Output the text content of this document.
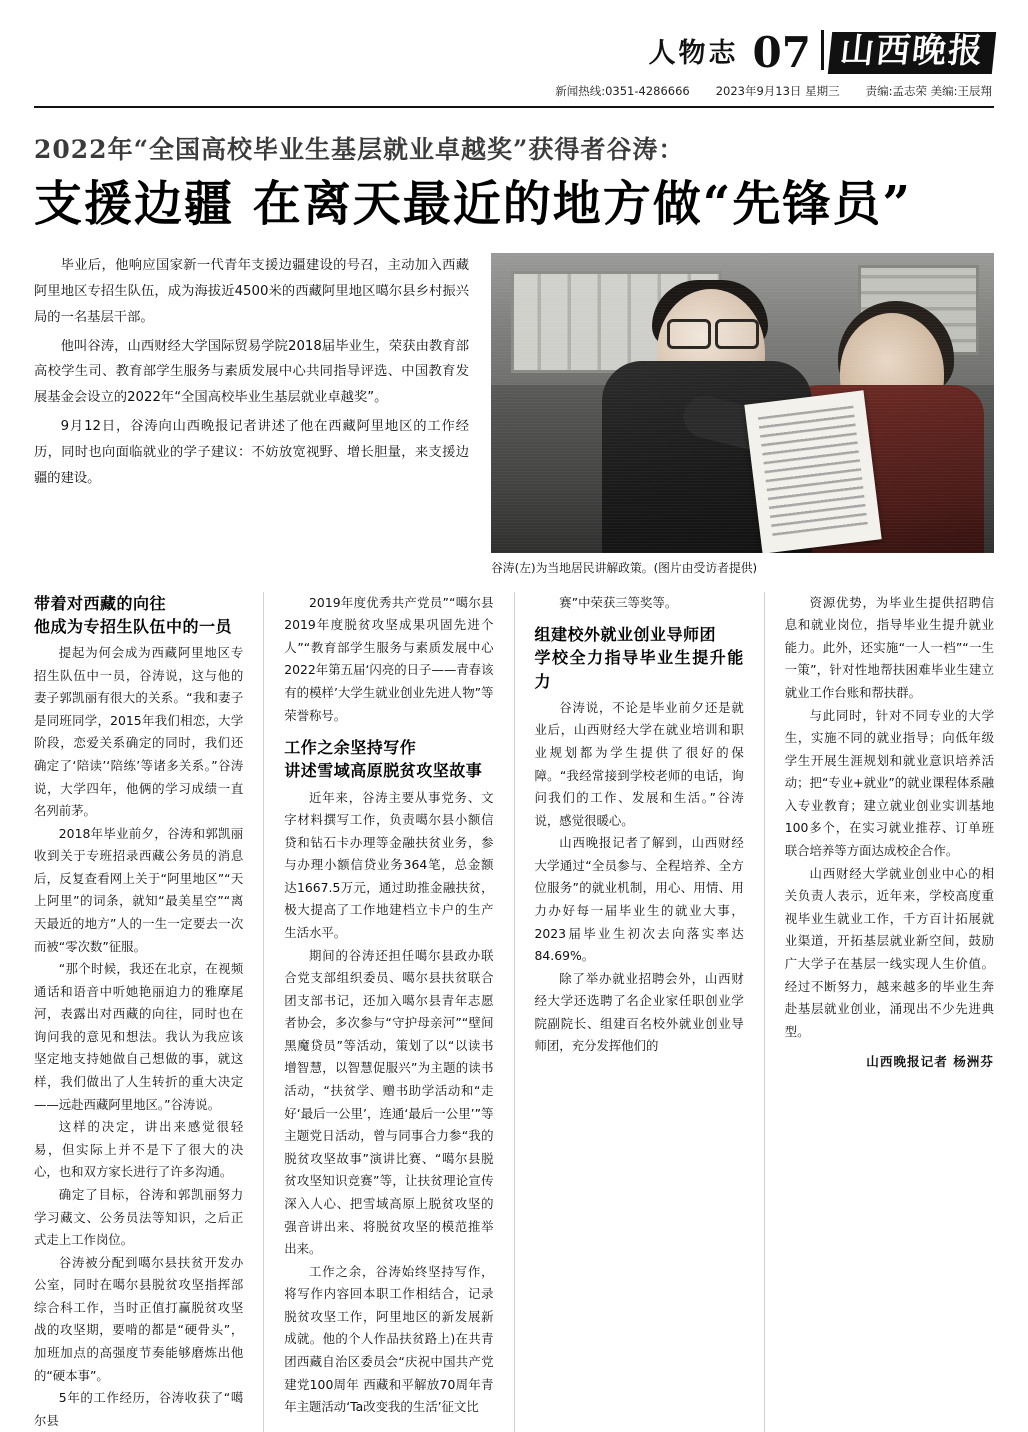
人物志 07 山西晚报
新闻热线:0351-4286666 2023年9月13日 星期三 责编:孟志荣 美编:王辰翔
2022年“全国高校毕业生基层就业卓越奖”获得者谷涛：
支援边疆 在离天最近的地方做“先锋员”

毕业后，他响应国家新一代青年支援边疆建设的号召，主动加入西藏阿里地区专招生队伍，成为海拔近4500米的西藏阿里地区噶尔县乡村振兴局的一名基层干部。

他叫谷涛，山西财经大学国际贸易学院2018届毕业生，荣获由教育部高校学生司、教育部学生服务与素质发展中心共同指导评选、中国教育发展基金会设立的2022年“全国高校毕业生基层就业卓越奖”。

9月12日，谷涛向山西晚报记者讲述了他在西藏阿里地区的工作经历，同时也向面临就业的学子建议：不妨放宽视野、增长胆量，来支援边疆的建设。

谷涛(左)为当地居民讲解政策。(图片由受访者提供)
带着对西藏的向往
他成为专招生队伍中的一员

提起为何会成为西藏阿里地区专招生队伍中一员，谷涛说，这与他的妻子郭凯丽有很大的关系。“我和妻子是同班同学，2015年我们相恋，大学阶段，恋爱关系确定的同时，我们还确定了‘陪读’‘陪练’等诸多关系。”谷涛说，大学四年，他俩的学习成绩一直名列前茅。

2018年毕业前夕，谷涛和郭凯丽收到关于专班招录西藏公务员的消息后，反复查看网上关于“阿里地区”“天上阿里”的词条，就知“最美星空”“离天最近的地方”人的一生一定要去一次而被“零次数”征服。

“那个时候，我还在北京，在视频通话和语音中听她艳丽迫力的雅摩尾河，表露出对西藏的向往，同时也在询问我的意见和想法。我认为我应该坚定地支持她做自己想做的事，就这样，我们做出了人生转折的重大决定——远赴西藏阿里地区。”谷涛说。

这样的决定，讲出来感觉很轻易，但实际上并不是下了很大的决心，也和双方家长进行了许多沟通。

确定了目标，谷涛和郭凯丽努力学习藏文、公务员法等知识，之后正式走上工作岗位。

谷涛被分配到噶尔县扶贫开发办公室，同时在噶尔县脱贫攻坚指挥部综合科工作，当时正值打赢脱贫攻坚战的攻坚期，要啃的都是“硬骨头”，加班加点的高强度节奏能够磨炼出他的“硬本事”。

5年的工作经历，谷涛收获了“噶尔县

2019年度优秀共产党员”“噶尔县2019年度脱贫攻坚成果巩固先进个人”“教育部学生服务与素质发展中心2022年第五届‘闪亮的日子——青春该有的模样’大学生就业创业先进人物”等荣誉称号。

工作之余坚持写作
讲述雪域高原脱贫攻坚故事

近年来，谷涛主要从事党务、文字材料撰写工作，负责噶尔县小额信贷和钻石卡办理等金融扶贫业务，参与办理小额信贷业务364笔，总金额达1667.5万元，通过助推金融扶贫，极大提高了工作地建档立卡户的生产生活水平。

期间的谷涛还担任噶尔县政办联合党支部组织委员、噶尔县扶贫联合团支部书记，还加入噶尔县青年志愿者协会，多次参与“守护母亲河”“壁间黑魔贷员”等活动，策划了以“以读书增智慧，以智慧促服兴”为主题的读书活动，“扶贫学、赠书助学活动和“走好‘最后一公里’，连通‘最后一公里’”等主题党日活动，曾与同事合力参“我的脱贫攻坚故事”演讲比赛、“噶尔县脱贫攻坚知识竞赛”等，让扶贫理论宣传深入人心、把雪域高原上脱贫攻坚的强音讲出来、将脱贫攻坚的模范推举出来。

工作之余，谷涛始终坚持写作，将写作内容回本职工作相结合，记录脱贫攻坚工作，阿里地区的新发展新成就。他的个人作品扶贫路上)在共青团西藏自治区委员会“庆祝中国共产党建党100周年 西藏和平解放70周年青年主题活动‘Ta改变我的生活’征文比

赛”中荣获三等奖等。

组建校外就业创业导师团
学校全力指导毕业生提升能力

谷涛说，不论是毕业前夕还是就业后，山西财经大学在就业培训和职业规划都为学生提供了很好的保障。“我经常接到学校老师的电话，询问我们的工作、发展和生活。”谷涛说，感觉很暖心。

山西晚报记者了解到，山西财经大学通过“全员参与、全程培养、全方位服务”的就业机制，用心、用情、用力办好每一届毕业生的就业大事，2023届毕业生初次去向落实率达84.69%。

除了举办就业招聘会外，山西财经大学还选聘了名企业家任职创业学院副院长、组建百名校外就业创业导师团，充分发挥他们的

资源优势，为毕业生提供招聘信息和就业岗位，指导毕业生提升就业能力。此外，还实施“一人一档”“一生一策”，针对性地帮扶困难毕业生建立就业工作台账和帮扶群。

与此同时，针对不同专业的大学生，实施不同的就业指导；向低年级学生开展生涯规划和就业意识培养活动；把“专业+就业”的就业课程体系融入专业教育；建立就业创业实训基地100多个，在实习就业推荐、订单班联合培养等方面达成校企合作。

山西财经大学就业创业中心的相关负责人表示，近年来，学校高度重视毕业生就业工作，千方百计拓展就业渠道，开拓基层就业新空间，鼓励广大学子在基层一线实现人生价值。经过不断努力，越来越多的毕业生奔赴基层就业创业，涌现出不少先进典型。

山西晚报记者 杨洲芬
